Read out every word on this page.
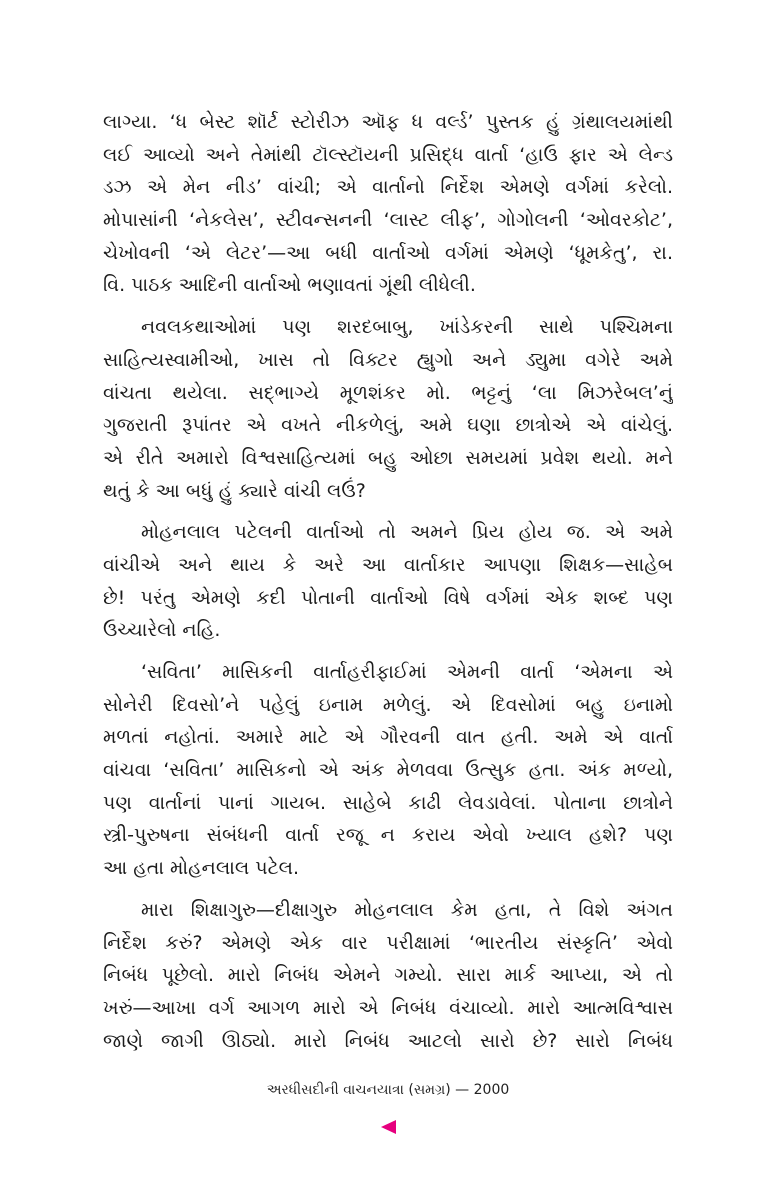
લાગ્યા. ‘ધ બેસ્ટ શૉર્ટ સ્ટોરીઝ ઑફ ધ વર્લ્ડ’ પુસ્તક હું ગ્રંથાલયમાંથી
લઈ આવ્યો અને તેમાંથી ટૉલ્સ્ટૉયની પ્રસિદ્ધ વાર્તા ‘હાઉ ફાર એ લેન્ડ
ડઝ એ મેન નીડ’ વાંચી; એ વાર્તાનો નિર્દેશ એમણે વર્ગમાં કરેલો.
મોપાસાંની ‘નેકલેસ’, સ્ટીવન્સનની ‘લાસ્ટ લીફ’, ગોગોલની ‘ઓવરકોટ’,
ચેખોવની ‘એ લેટર’—આ બધી વાર્તાઓ વર્ગમાં એમણે ‘ધૂમકેતુ’, રા.
વિ. પાઠક આદિની વાર્તાઓ ભણાવતાં ગૂંથી લીધેલી.
નવલકથાઓમાં પણ શરદબાબુ, ખાંડેકરની સાથે પશ્ચિમના
સાહિત્યસ્વામીઓ, ખાસ તો વિક્ટર હ્યુગો અને ડ્યુમા વગેરે અમે
વાંચતા થયેલા. સદ્ભાગ્યે મૂળશંકર મો. ભટ્ટનું ‘લા મિઝરેબલ’નું
ગુજરાતી રૂપાંતર એ વખતે નીકળેલું, અમે ઘણા છાત્રોએ એ વાંચેલું.
એ રીતે અમારો વિશ્વસાહિત્યમાં બહુ ઓછા સમયમાં પ્રવેશ થયો. મને
થતું કે આ બધું હું ક્યારે વાંચી લઉં?
મોહનલાલ પટેલની વાર્તાઓ તો અમને પ્રિય હોય જ. એ અમે
વાંચીએ અને થાય કે અરે આ વાર્તાકાર આપણા શિક્ષક—સાહેબ
છે! પરંતુ એમણે કદી પોતાની વાર્તાઓ વિષે વર્ગમાં એક શબ્દ પણ
ઉચ્ચારેલો નહિ.
‘સવિતા’ માસિકની વાર્તાહરીફાઈમાં એમની વાર્તા ‘એમના એ
સોનેરી દિવસો’ને પહેલું ઇનામ મળેલું. એ દિવસોમાં બહુ ઇનામો
મળતાં નહોતાં. અમારે માટે એ ગૌરવની વાત હતી. અમે એ વાર્તા
વાંચવા ‘સવિતા’ માસિકનો એ અંક મેળવવા ઉત્સુક હતા. અંક મળ્યો,
પણ વાર્તાનાં પાનાં ગાયબ. સાહેબે કાઢી લેવડાવેલાં. પોતાના છાત્રોને
સ્ત્રી-પુરુષના સંબંધની વાર્તા રજૂ ન કરાય એવો ખ્યાલ હશે? પણ
આ હતા મોહનલાલ પટેલ.
મારા શિક્ષાગુરુ—દીક્ષાગુરુ મોહનલાલ કેમ હતા, તે વિશે અંગત
નિર્દેશ કરું? એમણે એક વાર પરીક્ષામાં ‘ભારતીય સંસ્કૃતિ’ એવો
નિબંધ પૂછેલો. મારો નિબંધ એમને ગમ્યો. સારા માર્ક આપ્યા, એ તો
ખરું—આખા વર્ગ આગળ મારો એ નિબંધ વંચાવ્યો. મારો આત્મવિશ્વાસ
જાણે જાગી ઊઠ્યો. મારો નિબંધ આટલો સારો છે? સારો નિબંધ
અરધીસદીની વાચનયાત્રા (સમગ્ર) — 2000
